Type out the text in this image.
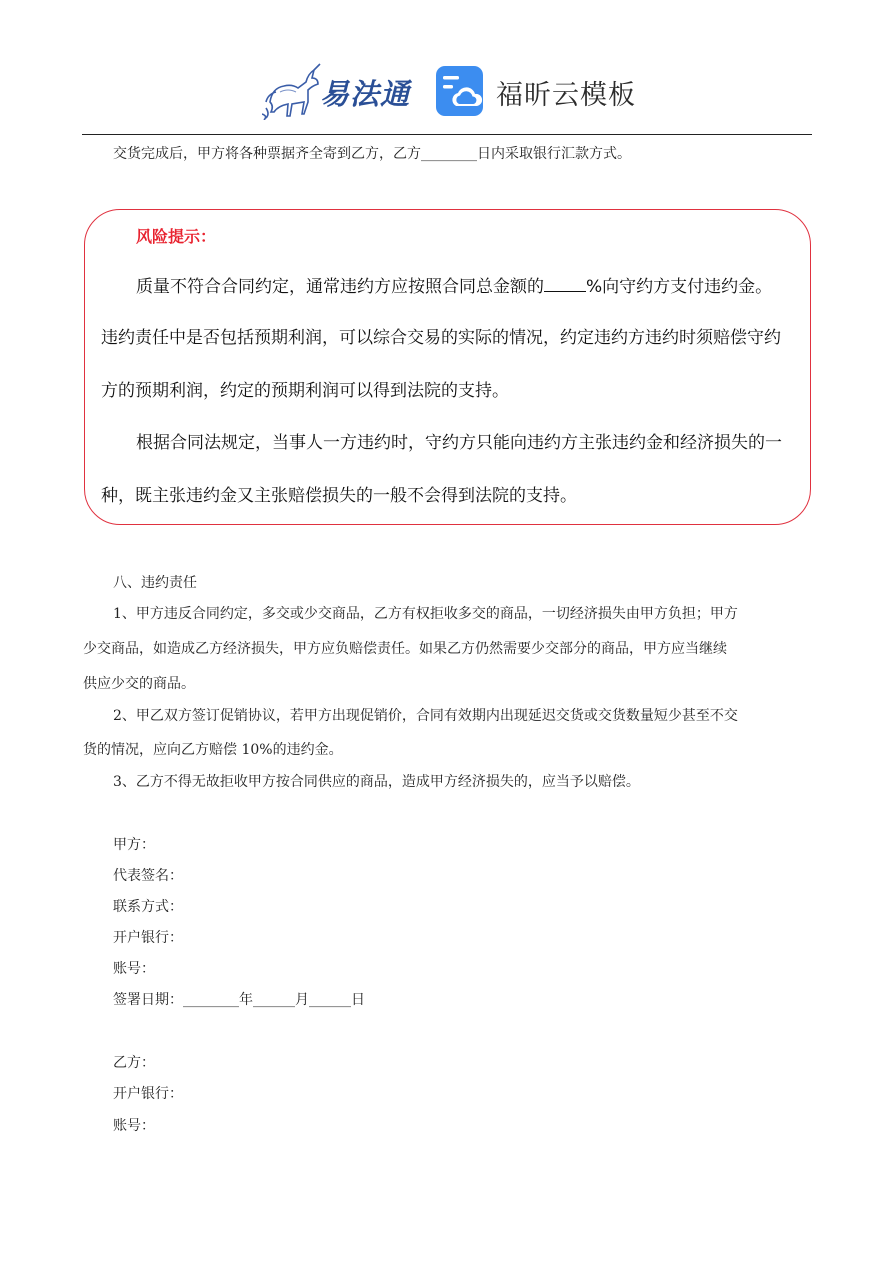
易法通	福昕云模板
交货完成后，甲方将各种票据齐全寄到乙方，乙方________日内采取银行汇款方式。
风险提示：
质量不符合合同约定，通常违约方应按照合同总金额的 %向守约方支付违约金。
违约责任中是否包括预期利润，可以综合交易的实际的情况，约定违约方违约时须赔偿守约
方的预期利润，约定的预期利润可以得到法院的支持。
根据合同法规定，当事人一方违约时，守约方只能向违约方主张违约金和经济损失的一
种，既主张违约金又主张赔偿损失的一般不会得到法院的支持。
八、违约责任
1、甲方违反合同约定，多交或少交商品，乙方有权拒收多交的商品，一切经济损失由甲方负担；甲方
少交商品，如造成乙方经济损失，甲方应负赔偿责任。如果乙方仍然需要少交部分的商品，甲方应当继续
供应少交的商品。
2、甲乙双方签订促销协议，若甲方出现促销价，合同有效期内出现延迟交货或交货数量短少甚至不交
货的情况，应向乙方赔偿 10%的违约金。
3、乙方不得无故拒收甲方按合同供应的商品，造成甲方经济损失的，应当予以赔偿。
甲方：
代表签名：
联系方式：
开户银行：
账号：
签署日期：________年______月______日
乙方：
开户银行：
账号：
